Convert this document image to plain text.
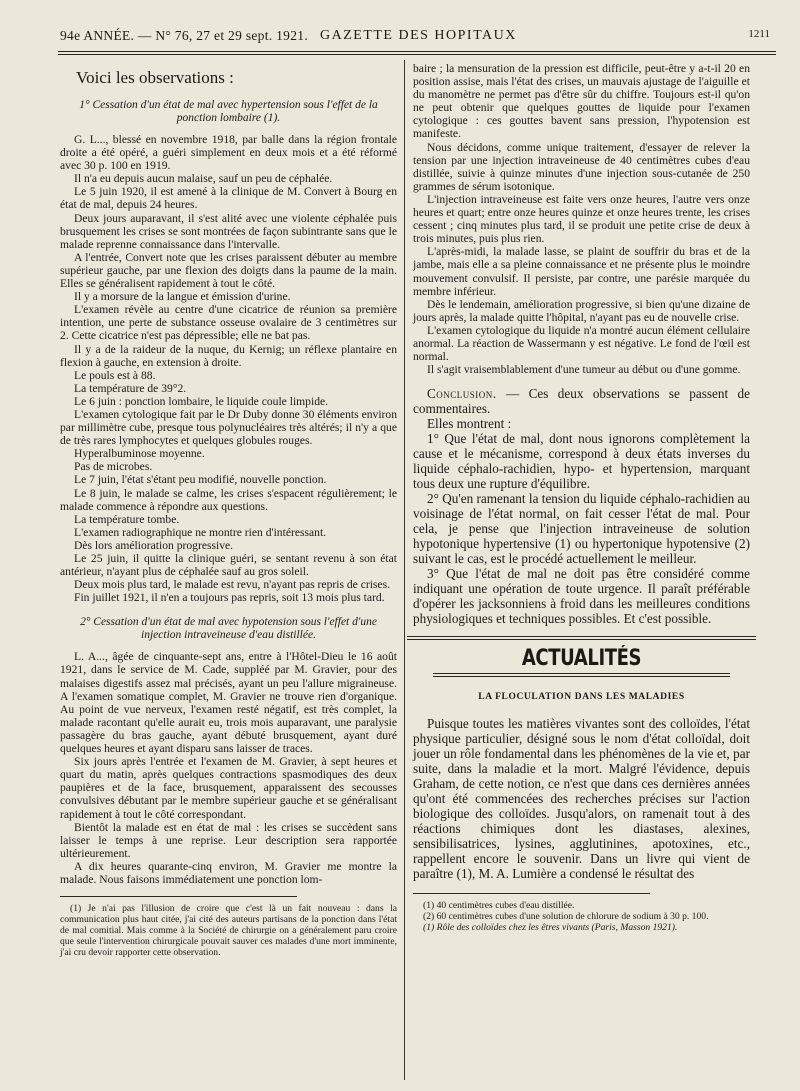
94e ANNÉE. — N° 76, 27 et 29 sept. 1921. GAZETTE DES HOPITAUX	1211

Voici les observations :

1° Cessation d'un état de mal avec hypertension sous l'effet de la ponction lombaire (1).

G. L..., blessé en novembre 1918, par balle dans la région frontale droite a été opéré, a guéri simplement en deux mois et a été réformé avec 30 p. 100 en 1919.

Il n'a eu depuis aucun malaise, sauf un peu de céphalée.

Le 5 juin 1920, il est amené à la clinique de M. Convert à Bourg en état de mal, depuis 24 heures.

Deux jours auparavant, il s'est alité avec une violente céphalée puis brusquement les crises se sont montrées de façon subintrante sans que le malade reprenne connaissance dans l'intervalle.

A l'entrée, Convert note que les crises paraissent débuter au membre supérieur gauche, par une flexion des doigts dans la paume de la main. Elles se généralisent rapidement à tout le côté.

Il y a morsure de la langue et émission d'urine.

L'examen révèle au centre d'une cicatrice de réunion sa première intention, une perte de substance osseuse ovalaire de 3 centimètres sur 2. Cette cicatrice n'est pas dépressible; elle ne bat pas.

Il y a de la raideur de la nuque, du Kernig; un réflexe plantaire en flexion à gauche, en extension à droite.

Le pouls est à 88.

La température de 39°2.

Le 6 juin : ponction lombaire, le liquide coule limpide.

L'examen cytologique fait par le Dr Duby donne 30 éléments environ par millimètre cube, presque tous polynucléaires très altérés; il n'y a que de très rares lymphocytes et quelques globules rouges.

Hyperalbuminose moyenne.

Pas de microbes.

Le 7 juin, l'état s'étant peu modifié, nouvelle ponction.

Le 8 juin, le malade se calme, les crises s'espacent régulièrement; le malade commence à répondre aux questions.

La température tombe.

L'examen radiographique ne montre rien d'intéressant.

Dès lors amélioration progressive.

Le 25 juin, il quitte la clinique guéri, se sentant revenu à son état antérieur, n'ayant plus de céphalée sauf au gros soleil.

Deux mois plus tard, le malade est revu, n'ayant pas repris de crises.

Fin juillet 1921, il n'en a toujours pas repris, soit 13 mois plus tard.

2° Cessation d'un état de mal avec hypotension sous l'effet d'une injection intraveineuse d'eau distillée.

L. A..., âgée de cinquante-sept ans, entre à l'Hôtel-Dieu le 16 août 1921, dans le service de M. Cade, suppléé par M. Gravier, pour des malaises digestifs assez mal précisés, ayant un peu l'allure migraineuse. A l'examen somatique complet, M. Gravier ne trouve rien d'organique. Au point de vue nerveux, l'examen resté négatif, est très complet, la malade racontant qu'elle aurait eu, trois mois auparavant, une paralysie passagère du bras gauche, ayant débuté brusquement, ayant duré quelques heures et ayant disparu sans laisser de traces.

Six jours après l'entrée et l'examen de M. Gravier, à sept heures et quart du matin, après quelques contractions spasmodiques des deux paupières et de la face, brusquement, apparaissent des secousses convulsives débutant par le membre supérieur gauche et se généralisant rapidement à tout le côté correspondant.

Bientôt la malade est en état de mal : les crises se succèdent sans laisser le temps à une reprise. Leur description sera rapportée ultérieurement.

A dix heures quarante-cinq environ, M. Gravier me montre la malade. Nous faisons immédiatement une ponction lom-

(1) Je n'ai pas l'illusion de croire que c'est là un fait nouveau : dans la communication plus haut citée, j'ai cité des auteurs partisans de la ponction dans l'état de mal comitial. Mais comme à la Société de chirurgie on a généralement paru croire que seule l'intervention chirurgicale pouvait sauver ces malades d'une mort imminente, j'ai cru devoir rapporter cette observation.

baire ; la mensuration de la pression est difficile, peut-être y a-t-il 20 en position assise, mais l'état des crises, un mauvais ajustage de l'aiguille et du manomètre ne permet pas d'être sûr du chiffre. Toujours est-il qu'on ne peut obtenir que quelques gouttes de liquide pour l'examen cytologique : ces gouttes bavent sans pression, l'hypotension est manifeste.

Nous décidons, comme unique traitement, d'essayer de relever la tension par une injection intraveineuse de 40 centimètres cubes d'eau distillée, suivie à quinze minutes d'une injection sous-cutanée de 250 grammes de sérum isotonique.

L'injection intraveineuse est faite vers onze heures, l'autre vers onze heures et quart; entre onze heures quinze et onze heures trente, les crises cessent ; cinq minutes plus tard, il se produit une petite crise de deux à trois minutes, puis plus rien.

L'après-midi, la malade lasse, se plaint de souffrir du bras et de la jambe, mais elle a sa pleine connaissance et ne présente plus le moindre mouvement convulsif. Il persiste, par contre, une parésie marquée du membre inférieur.

Dès le lendemain, amélioration progressive, si bien qu'une dizaine de jours après, la malade quitte l'hôpital, n'ayant pas eu de nouvelle crise.

L'examen cytologique du liquide n'a montré aucun élément cellulaire anormal. La réaction de Wassermann y est négative. Le fond de l'œil est normal.

Il s'agit vraisemblablement d'une tumeur au début ou d'une gomme.

Conclusion. — Ces deux observations se passent de commentaires.

Elles montrent :

1° Que l'état de mal, dont nous ignorons complètement la cause et le mécanisme, correspond à deux états inverses du liquide céphalo-rachidien, hypo- et hypertension, marquant tous deux une rupture d'équilibre.

2° Qu'en ramenant la tension du liquide céphalo-rachidien au voisinage de l'état normal, on fait cesser l'état de mal. Pour cela, je pense que l'injection intraveineuse de solution hypotonique hypertensive (1) ou hypertonique hypotensive (2) suivant le cas, est le procédé actuellement le meilleur.

3° Que l'état de mal ne doit pas être considéré comme indiquant une opération de toute urgence. Il paraît préférable d'opérer les jacksonniens à froid dans les meilleures conditions physiologiques et techniques possibles. Et c'est possible.

ACTUALITÉS

LA FLOCULATION DANS LES MALADIES

Puisque toutes les matières vivantes sont des colloïdes, l'état physique particulier, désigné sous le nom d'état colloïdal, doit jouer un rôle fondamental dans les phénomènes de la vie et, par suite, dans la maladie et la mort. Malgré l'évidence, depuis Graham, de cette notion, ce n'est que dans ces dernières années qu'ont été commencées des recherches précises sur l'action biologique des colloïdes. Jusqu'alors, on ramenait tout à des réactions chimiques dont les diastases, alexines, sensibilisatrices, lysines, agglutinines, apotoxines, etc., rappellent encore le souvenir. Dans un livre qui vient de paraître (1), M. A. Lumière a condensé le résultat des

(1) 40 centimètres cubes d'eau distillée.

(2) 60 centimètres cubes d'une solution de chlorure de sodium à 30 p. 100.

(1) Rôle des colloïdes chez les êtres vivants (Paris, Masson 1921).
